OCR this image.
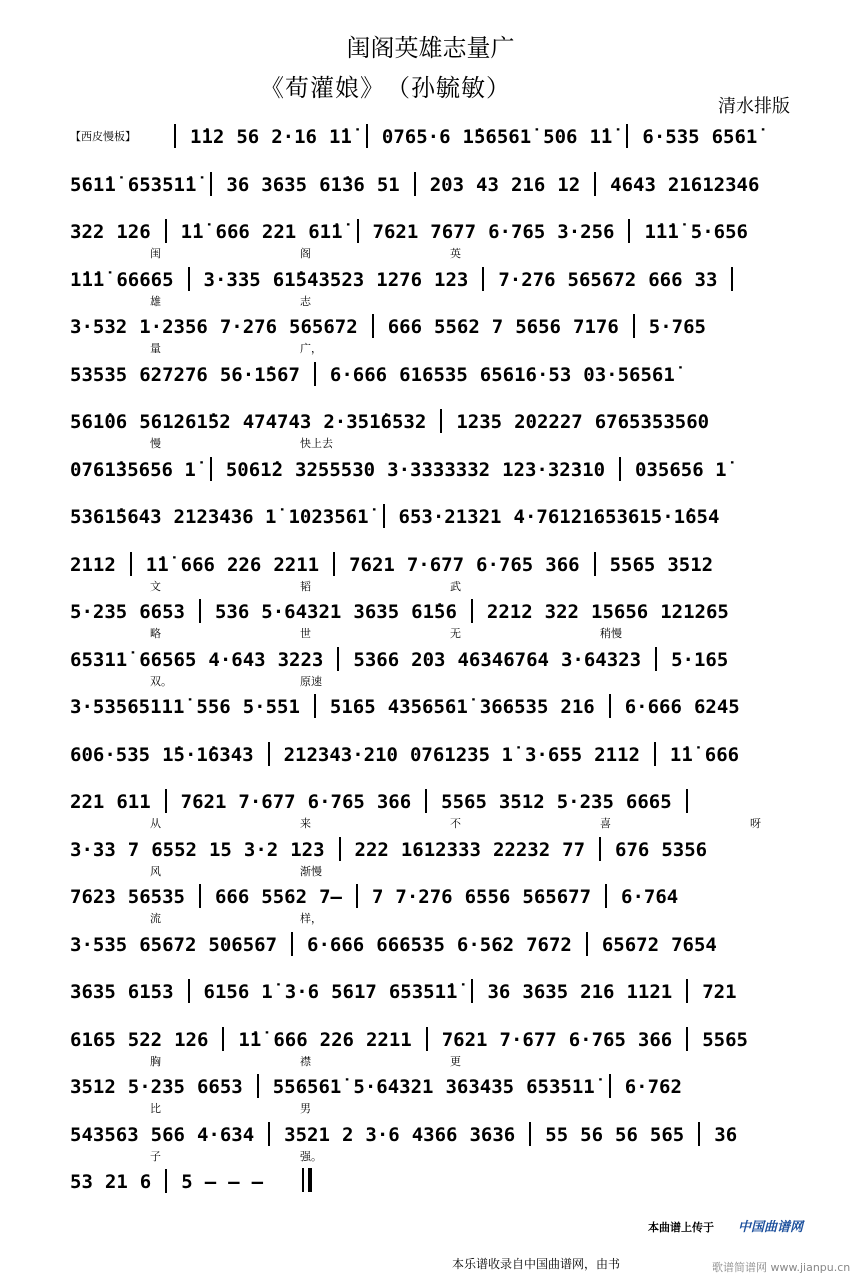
闺阁英雄志量广
《荀灌娘》　（孙毓敏）
清水排版
【西皮慢板】	1̇12 56 2·16 1̇1̇ 0765·6 1̇56561̇ 506 1̇1̇ 6·535 6561̇
561̇1̇ 65351̇1̇ 36 3635 61̇36 51 203 43 216 12 4643 21612346
322 126 1̇1̇ 666 221 61̇1̇ 7621 7677 6·765 3·256 1̇1̇1̇ 5·656
1̇1̇1̇ 66665 3·335 61̇543523 1276 123 7·276 565672 666 33
3·532 1·2356 7·276 565672 666 5562 7 5656 7176 5·765
53535 627276 56·1̇567 6·666 616535 65616·53 03·56561̇
561̇06 561261̇52 474743 2·351̇6532 1235 202227 6765353560
0761̇35656 1̇ 5061̇2 3255530 3·3333332 123·32310 035656 1̇
5361̇5643 2123436 1̇ 1023561̇ 653·21321 4·76121653615·1̇654
2112 1̇1̇ 666 226 2211 7621 7·677 6·765 366 5565 3512
5·235 6653 536 5·64321 3635 61̇56 2212 322 15656 121265
65311̇ 66565 4·643 3223 5366 203 46346764 3·64323 5·165
3·53565111̇ 556 5·551 5165 4356561̇ 366535 216 6·666 6245
606·535 1̇5·1̇6343 212343·210 0761235 1̇ 3·655 2112 1̇1̇ 666
221 611 7621 7·677 6·765 366 5565 3512 5·235 6665
3·33 7 6552 15 3·2 123 222 1612333 22232 77 676 5356
7623 56535 666 5562 7— 7 7·276 6556 565677 6·764
3·535 65672 506567 6·666 666535 6·562 7672 65672 7654
3635 6153 6156 1̇ 3·6 5617 65351̇1̇ 36 3635 216 1121 721
6165 522 126 1̇1̇ 666 226 2211 7621 7·677 6·765 366 5565
3512 5·235 6653 556561̇ 5·64321 363435 653511̇ 6·762
543563 566 4·634 3521 2 3·6 4366 3636 55 56 56 565 36
53 21 6 5 — — —
闺	阁	英
雄	志
量	广，
慢	快上去
文	韬	武
略	世	无	稍慢
双。	原速
从	来	不	喜	呀
风	渐慢
流	样，
胸	襟	更
比	男
子	强。
本曲谱上传于 中国曲谱网
本乐谱收录自中国曲谱网，由书	歌谱简谱网 www.jianpu.cn
